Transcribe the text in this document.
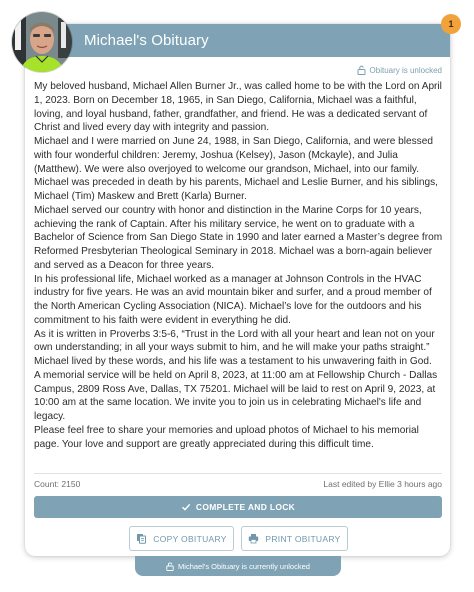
Michael's Obituary
Obituary is unlocked

My beloved husband, Michael Allen Burner Jr., was called home to be with the Lord on April 1, 2023. Born on December 18, 1965, in San Diego, California, Michael was a faithful, loving, and loyal husband, father, grandfather, and friend. He was a dedicated servant of Christ and lived every day with integrity and passion.

Michael and I were married on June 24, 1988, in San Diego, California, and were blessed with four wonderful children: Jeremy, Joshua (Kelsey), Jason (Mckayle), and Julia (Matthew). We were also overjoyed to welcome our grandson, Michael, into our family. Michael was preceded in death by his parents, Michael and Leslie Burner, and his siblings, Michael (Tim) Maskew and Brett (Karla) Burner.

Michael served our country with honor and distinction in the Marine Corps for 10 years, achieving the rank of Captain. After his military service, he went on to graduate with a Bachelor of Science from San Diego State in 1990 and later earned a Master’s degree from Reformed Presbyterian Theological Seminary in 2018. Michael was a born-again believer and served as a Deacon for three years.

In his professional life, Michael worked as a manager at Johnson Controls in the HVAC industry for five years. He was an avid mountain biker and surfer, and a proud member of the North American Cycling Association (NICA). Michael’s love for the outdoors and his commitment to his faith were evident in everything he did.

As it is written in Proverbs 3:5-6, “Trust in the Lord with all your heart and lean not on your own understanding; in all your ways submit to him, and he will make your paths straight.” Michael lived by these words, and his life was a testament to his unwavering faith in God.

A memorial service will be held on April 8, 2023, at 11:00 am at Fellowship Church - Dallas Campus, 2809 Ross Ave, Dallas, TX 75201. Michael will be laid to rest on April 9, 2023, at 10:00 am at the same location. We invite you to join us in celebrating Michael's life and legacy.

Please feel free to share your memories and upload photos of Michael to his memorial page. Your love and support are greatly appreciated during this difficult time.

Count: 2150	Last edited by Ellie 3 hours ago
COMPLETE AND LOCK
COPY OBITUARY	PRINT OBITUARY
1
Michael's Obituary is currently unlocked
